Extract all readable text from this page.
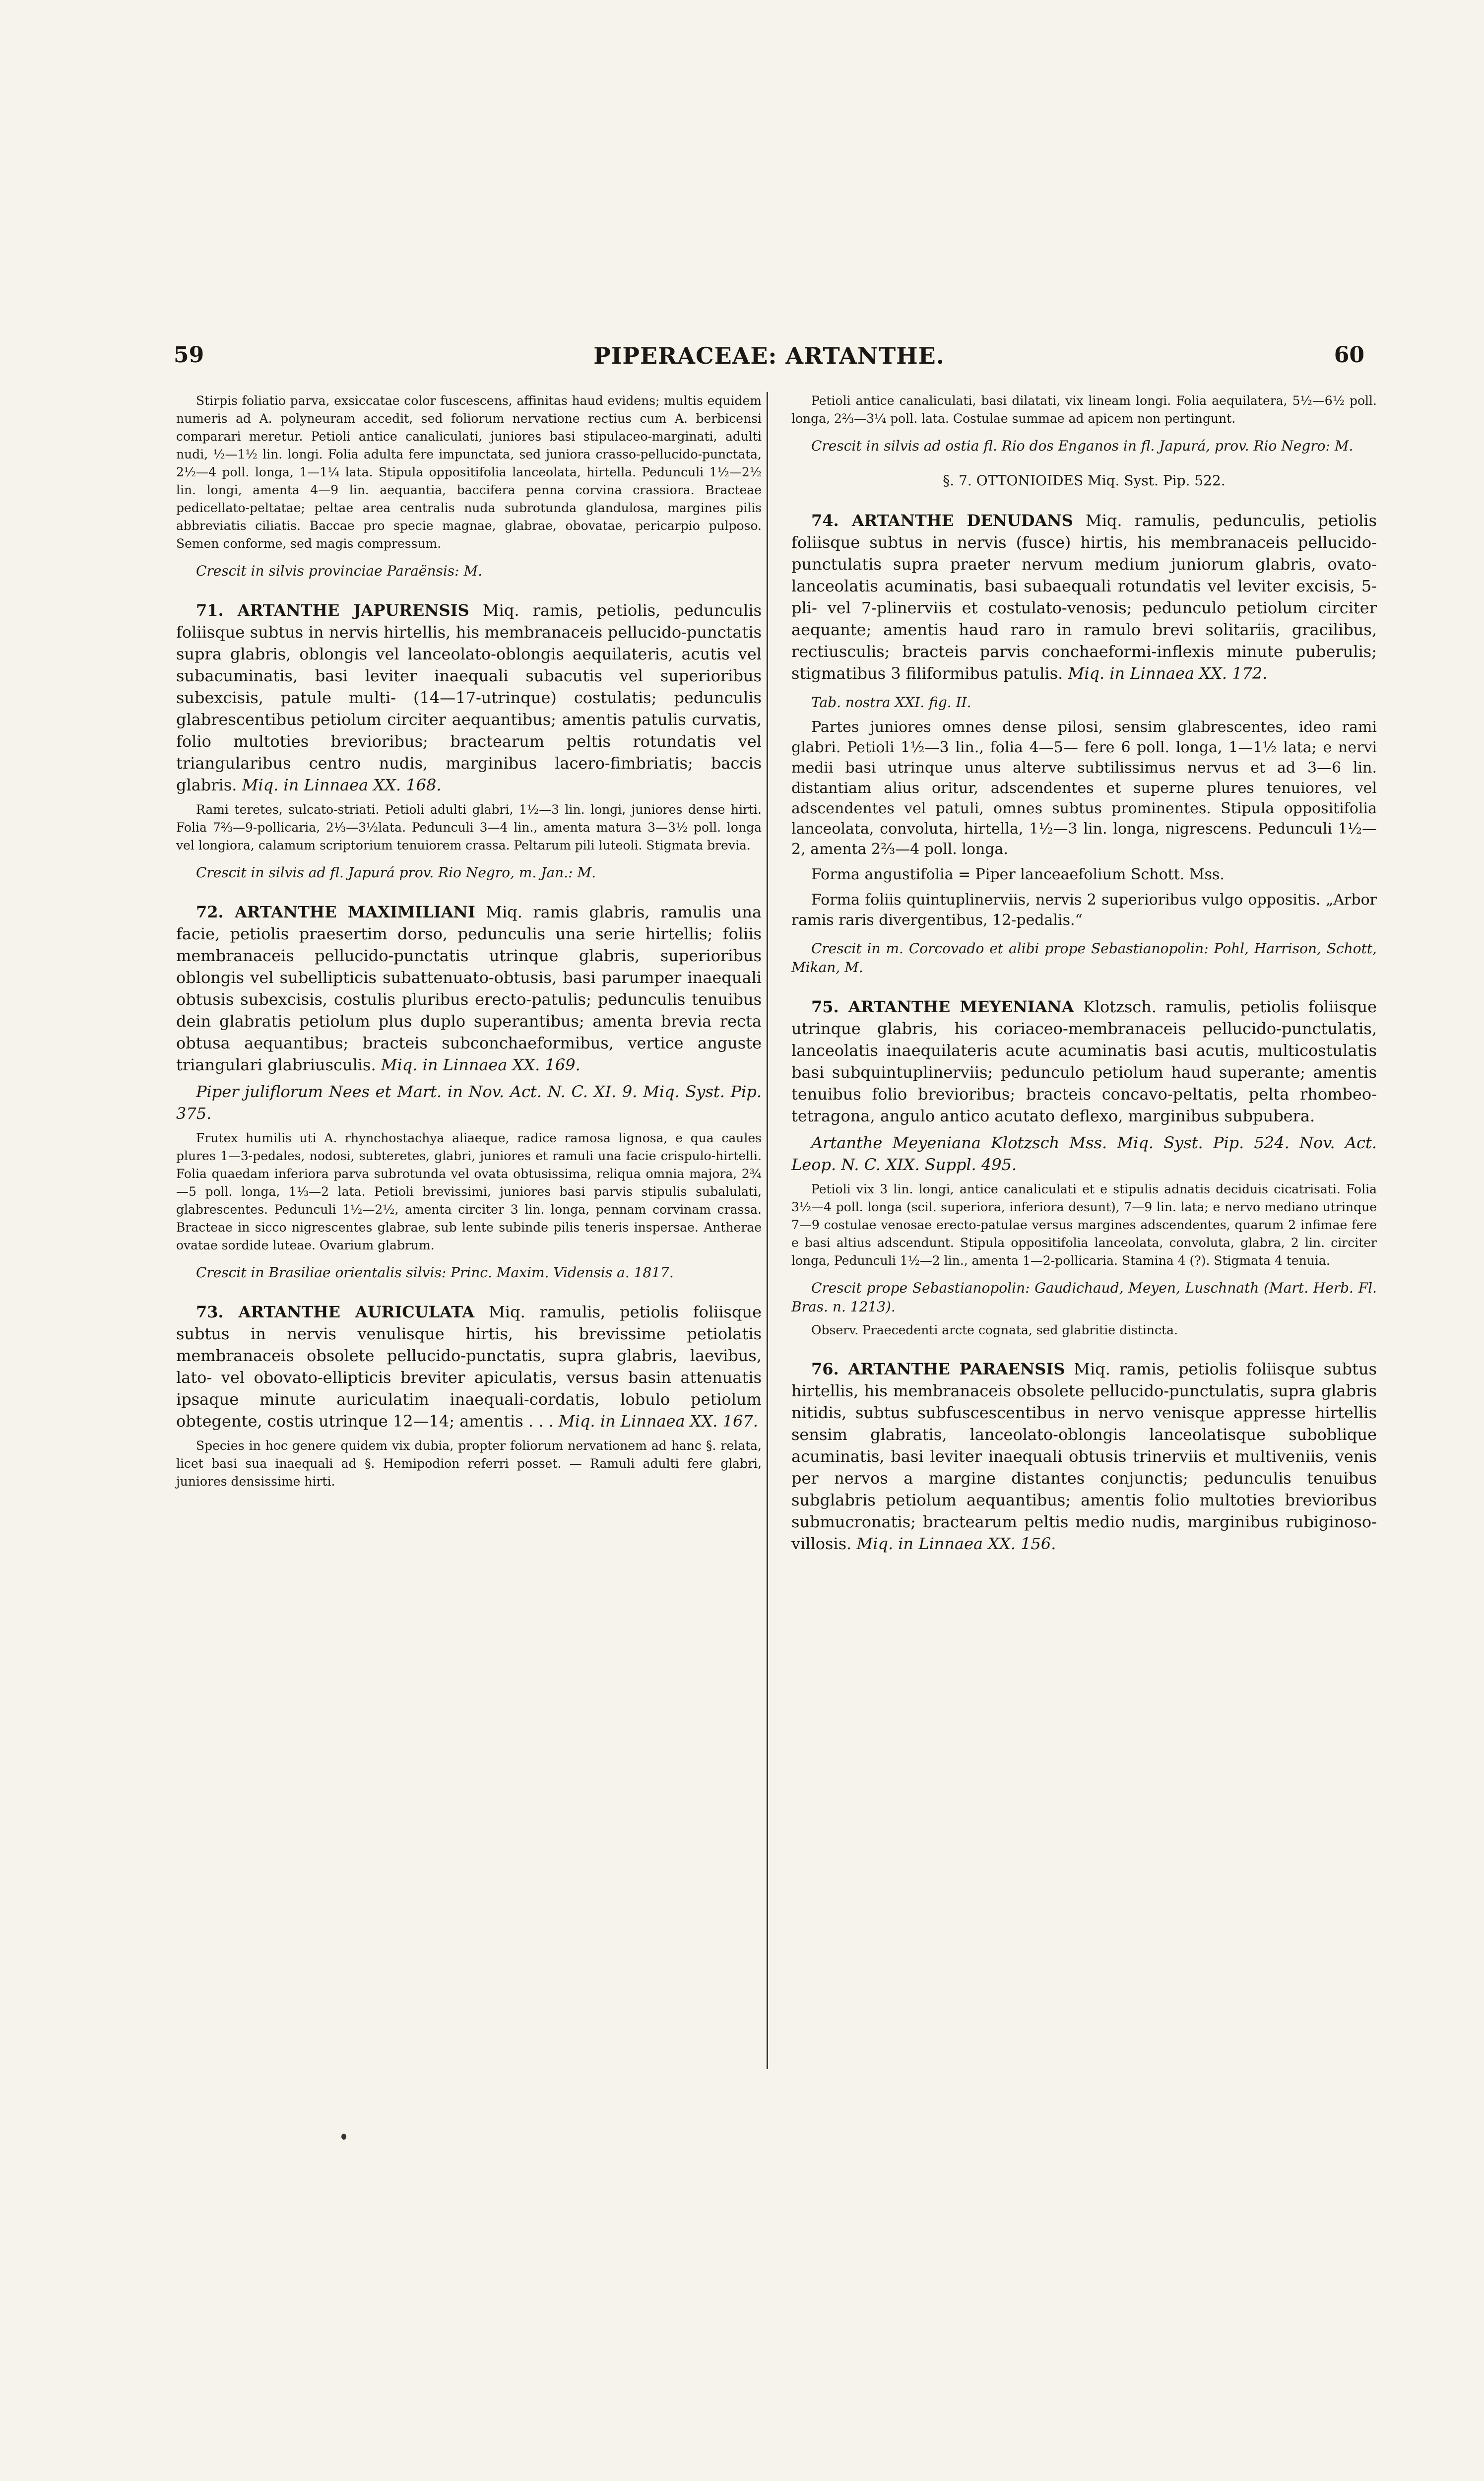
59	PIPERACEAE: ARTANTHE.	60

Stirpis foliatio parva, exsiccatae color fuscescens, affinitas haud evidens; multis equidem numeris ad A. polyneuram accedit, sed foliorum nervatione rectius cum A. berbicensi comparari meretur. Petioli antice canaliculati, juniores basi stipulaceo-marginati, adulti nudi, ½—1½ lin. longi. Folia adulta fere impunctata, sed juniora crasso-pellucido-punctata, 2½—4 poll. longa, 1—1¼ lata. Stipula oppositifolia lanceolata, hirtella. Pedunculi 1½—2½ lin. longi, amenta 4—9 lin. aequantia, baccifera penna corvina crassiora. Bracteae pedicellato-peltatae; peltae area centralis nuda subrotunda glandulosa, margines pilis abbreviatis ciliatis. Baccae pro specie magnae, glabrae, obovatae, pericarpio pulposo. Semen conforme, sed magis compressum.

Crescit in silvis provinciae Paraënsis: M.

71. ARTANTHE JAPURENSIS Miq. ramis, petiolis, pedunculis foliisque subtus in nervis hirtellis, his membranaceis pellucido-punctatis supra glabris, oblongis vel lanceolato-oblongis aequilateris, acutis vel subacuminatis, basi leviter inaequali subacutis vel superioribus subexcisis, patule multi- (14—17-utrinque) costulatis; pedunculis glabrescentibus petiolum circiter aequantibus; amentis patulis curvatis, folio multoties brevioribus; bractearum peltis rotundatis vel triangularibus centro nudis, marginibus lacero-fimbriatis; baccis glabris. Miq. in Linnaea XX. 168.

Rami teretes, sulcato-striati. Petioli adulti glabri, 1½—3 lin. longi, juniores dense hirti. Folia 7⅔—9-pollicaria, 2⅓—3½lata. Pedunculi 3—4 lin., amenta matura 3—3½ poll. longa vel longiora, calamum scriptorium tenuiorem crassa. Peltarum pili luteoli. Stigmata brevia.

Crescit in silvis ad fl. Japurá prov. Rio Negro, m. Jan.: M.

72. ARTANTHE MAXIMILIANI Miq. ramis glabris, ramulis una facie, petiolis praesertim dorso, pedunculis una serie hirtellis; foliis membranaceis pellucido-punctatis utrinque glabris, superioribus oblongis vel subellipticis subattenuato-obtusis, basi parumper inaequali obtusis subexcisis, costulis pluribus erecto-patulis; pedunculis tenuibus dein glabratis petiolum plus duplo superantibus; amenta brevia recta obtusa aequantibus; bracteis subconchaeformibus, vertice anguste triangulari glabriusculis. Miq. in Linnaea XX. 169.

Piper juliflorum Nees et Mart. in Nov. Act. N. C. XI. 9. Miq. Syst. Pip. 375.

Frutex humilis uti A. rhynchostachya aliaeque, radice ramosa lignosa, e qua caules plures 1—3-pedales, nodosi, subteretes, glabri, juniores et ramuli una facie crispulo-hirtelli. Folia quaedam inferiora parva subrotunda vel ovata obtusissima, reliqua omnia majora, 2¾—5 poll. longa, 1⅓—2 lata. Petioli brevissimi, juniores basi parvis stipulis subalulati, glabrescentes. Pedunculi 1½—2½, amenta circiter 3 lin. longa, pennam corvinam crassa. Bracteae in sicco nigrescentes glabrae, sub lente subinde pilis teneris inspersae. Antherae ovatae sordide luteae. Ovarium glabrum.

Crescit in Brasiliae orientalis silvis: Princ. Maxim. Vidensis a. 1817.

73. ARTANTHE AURICULATA Miq. ramulis, petiolis foliisque subtus in nervis venulisque hirtis, his brevissime petiolatis membranaceis obsolete pellucido-punctatis, supra glabris, laevibus, lato- vel obovato-ellipticis breviter apiculatis, versus basin attenuatis ipsaque minute auriculatim inaequali-cordatis, lobulo petiolum obtegente, costis utrinque 12—14; amentis . . . Miq. in Linnaea XX. 167.

Species in hoc genere quidem vix dubia, propter foliorum nervationem ad hanc §. relata, licet basi sua inaequali ad §. Hemipodion referri posset. — Ramuli adulti fere glabri, juniores densissime hirti.

Petioli antice canaliculati, basi dilatati, vix lineam longi. Folia aequilatera, 5½—6½ poll. longa, 2⅔—3¼ poll. lata. Costulae summae ad apicem non pertingunt.

Crescit in silvis ad ostia fl. Rio dos Enganos in fl. Japurá, prov. Rio Negro: M.

§. 7. OTTONIOIDES Miq. Syst. Pip. 522.

74. ARTANTHE DENUDANS Miq. ramulis, pedunculis, petiolis foliisque subtus in nervis (fusce) hirtis, his membranaceis pellucido-punctulatis supra praeter nervum medium juniorum glabris, ovato-lanceolatis acuminatis, basi subaequali rotundatis vel leviter excisis, 5-pli- vel 7-plinerviis et costulato-venosis; pedunculo petiolum circiter aequante; amentis haud raro in ramulo brevi solitariis, gracilibus, rectiusculis; bracteis parvis conchaeformi-inflexis minute puberulis; stigmatibus 3 filiformibus patulis. Miq. in Linnaea XX. 172.

Tab. nostra XXI. fig. II.

Partes juniores omnes dense pilosi, sensim glabrescentes, ideo rami glabri. Petioli 1½—3 lin., folia 4—5— fere 6 poll. longa, 1—1½ lata; e nervi medii basi utrinque unus alterve subtilissimus nervus et ad 3—6 lin. distantiam alius oritur, adscendentes et superne plures tenuiores, vel adscendentes vel patuli, omnes subtus prominentes. Stipula oppositifolia lanceolata, convoluta, hirtella, 1½—3 lin. longa, nigrescens. Pedunculi 1½—2, amenta 2⅔—4 poll. longa.

Forma angustifolia = Piper lanceaefolium Schott. Mss.

Forma foliis quintuplinerviis, nervis 2 superioribus vulgo oppositis. „Arbor ramis raris divergentibus, 12-pedalis.“

Crescit in m. Corcovado et alibi prope Sebastianopolin: Pohl, Harrison, Schott, Mikan, M.

75. ARTANTHE MEYENIANA Klotzsch. ramulis, petiolis foliisque utrinque glabris, his coriaceo-membranaceis pellucido-punctulatis, lanceolatis inaequilateris acute acuminatis basi acutis, multicostulatis basi subquintuplinerviis; pedunculo petiolum haud superante; amentis tenuibus folio brevioribus; bracteis concavo-peltatis, pelta rhombeo-tetragona, angulo antico acutato deflexo, marginibus subpubera.

Artanthe Meyeniana Klotzsch Mss. Miq. Syst. Pip. 524. Nov. Act. Leop. N. C. XIX. Suppl. 495.

Petioli vix 3 lin. longi, antice canaliculati et e stipulis adnatis deciduis cicatrisati. Folia 3½—4 poll. longa (scil. superiora, inferiora desunt), 7—9 lin. lata; e nervo mediano utrinque 7—9 costulae venosae erecto-patulae versus margines adscendentes, quarum 2 infimae fere e basi altius adscendunt. Stipula oppositifolia lanceolata, convoluta, glabra, 2 lin. circiter longa, Pedunculi 1½—2 lin., amenta 1—2-pollicaria. Stamina 4 (?). Stigmata 4 tenuia.

Crescit prope Sebastianopolin: Gaudichaud, Meyen, Luschnath (Mart. Herb. Fl. Bras. n. 1213).

Observ. Praecedenti arcte cognata, sed glabritie distincta.

76. ARTANTHE PARAENSIS Miq. ramis, petiolis foliisque subtus hirtellis, his membranaceis obsolete pellucido-punctulatis, supra glabris nitidis, subtus subfuscescentibus in nervo venisque appresse hirtellis sensim glabratis, lanceolato-oblongis lanceolatisque suboblique acuminatis, basi leviter inaequali obtusis trinerviis et multiveniis, venis per nervos a margine distantes conjunctis; pedunculis tenuibus subglabris petiolum aequantibus; amentis folio multoties brevioribus submucronatis; bractearum peltis medio nudis, marginibus rubiginoso-villosis. Miq. in Linnaea XX. 156.
